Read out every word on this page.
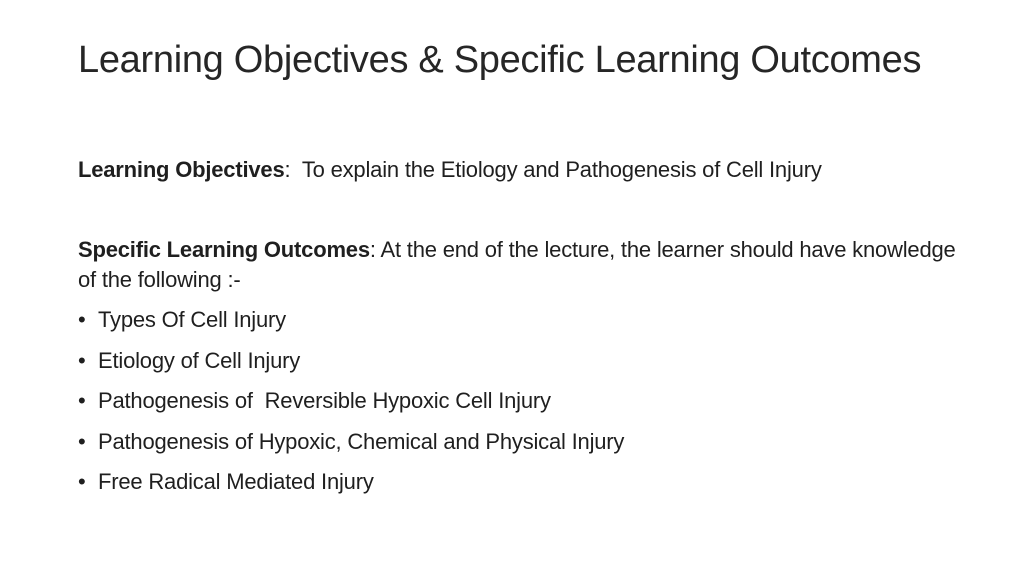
Learning Objectives & Specific Learning Outcomes

Learning Objectives:  To explain the Etiology and Pathogenesis of Cell Injury

Specific Learning Outcomes: At the end of the lecture, the learner should have knowledge of the following :-

• Types Of Cell Injury
• Etiology of Cell Injury
• Pathogenesis of  Reversible Hypoxic Cell Injury
• Pathogenesis of Hypoxic, Chemical and Physical Injury
• Free Radical Mediated Injury
